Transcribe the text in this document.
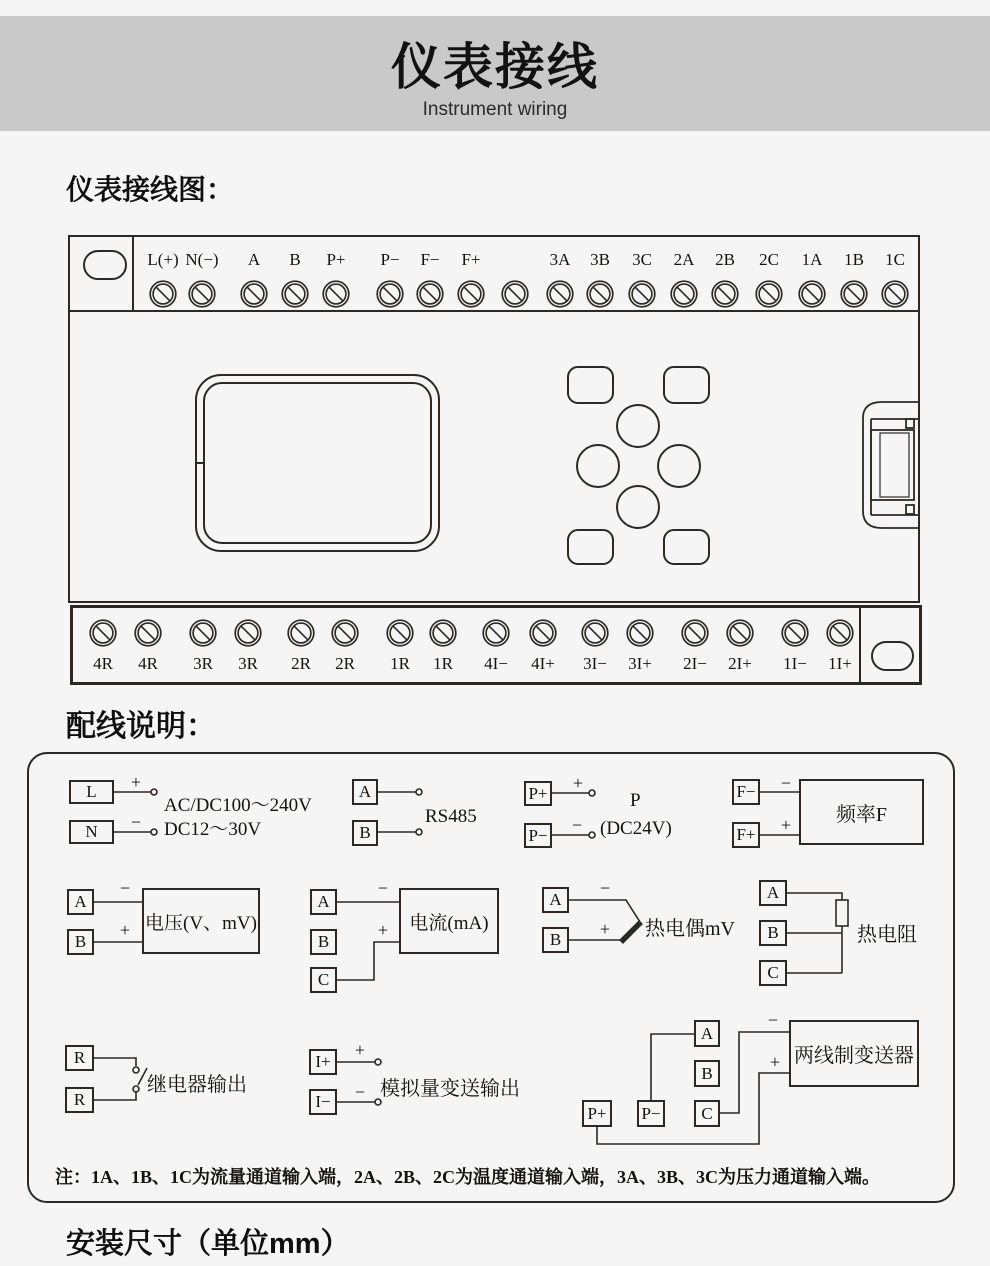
仪表接线
Instrument wiring
仪表接线图：
L(+) N(−)	A	B	P+	P−	F−	F+	3A	3B	3C	2A	2B	2C	1A	1B	1C
4R	4R	3R	3R	2R	2R	1R	1R	4I−	4I+	3I−	3I+	2I−	2I+	1I−	1I+
配线说明：
L
N
+
−
AC/DC100～240V
DC12～30V
A
B
RS485
P+
P−
+
−
P
(DC24V)
F−
F+
−
+	频率F
A
B
−
+ 电压(V、mV)
A
B
C
−
+	电流(mA)
A
B
−
+ 热电偶mV
A
B
C
热电阻
R
R
继电器输出
I+
I−
+
− 模拟量变送输出
P+	P−
A
B
C
−
+ 两线制变送器
注：1A、1B、1C为流量通道输入端，2A、2B、2C为温度通道输入端，3A、3B、3C为压力通道输入端。
安装尺寸（单位mm）
